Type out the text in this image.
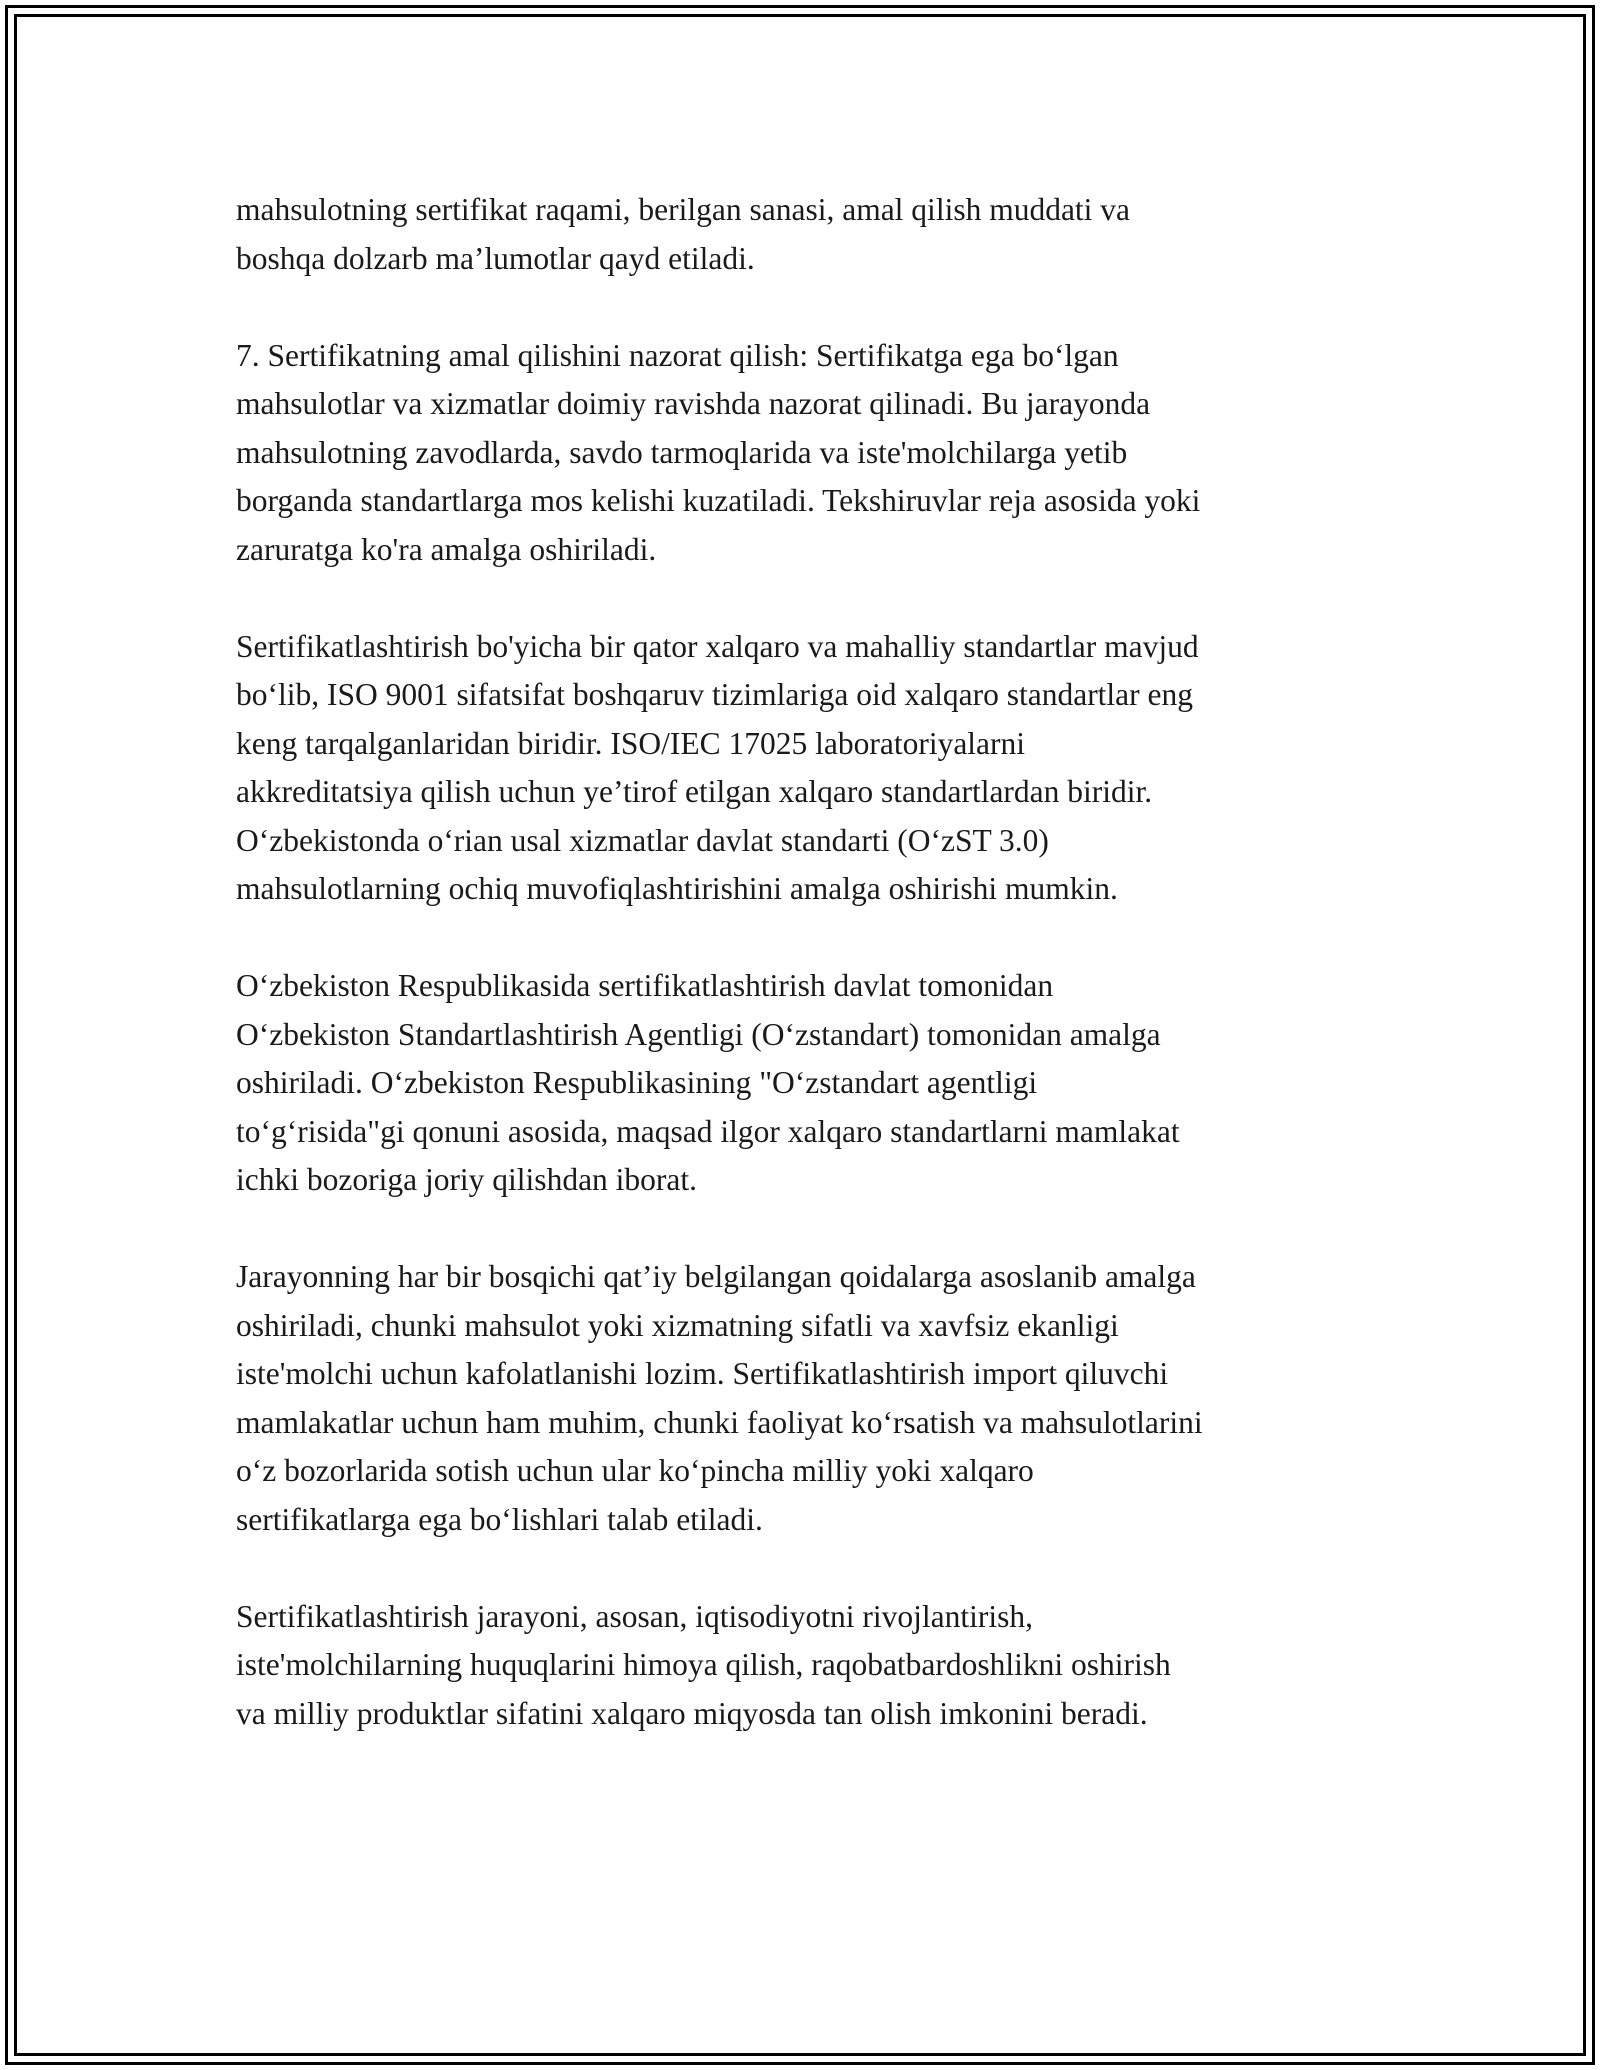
mahsulotning sertifikat raqami, berilgan sanasi, amal qilish muddati va
boshqa dolzarb ma’lumotlar qayd etiladi.

7. Sertifikatning amal qilishini nazorat qilish: Sertifikatga ega boʻlgan
mahsulotlar va xizmatlar doimiy ravishda nazorat qilinadi. Bu jarayonda
mahsulotning zavodlarda, savdo tarmoqlarida va iste'molchilarga yetib
borganda standartlarga mos kelishi kuzatiladi. Tekshiruvlar reja asosida yoki
zaruratga ko'ra amalga oshiriladi.

Sertifikatlashtirish bo'yicha bir qator xalqaro va mahalliy standartlar mavjud
boʻlib, ISO 9001 sifatsifat boshqaruv tizimlariga oid xalqaro standartlar eng
keng tarqalganlaridan biridir. ISO/IEC 17025 laboratoriyalarni
akkreditatsiya qilish uchun ye’tirof etilgan xalqaro standartlardan biridir.
Oʻzbekistonda oʻrian usal xizmatlar davlat standarti (OʻzST 3.0)
mahsulotlarning ochiq muvofiqlashtirishini amalga oshirishi mumkin.

Oʻzbekiston Respublikasida sertifikatlashtirish davlat tomonidan
Oʻzbekiston Standartlashtirish Agentligi (Oʻzstandart) tomonidan amalga
oshiriladi. Oʻzbekiston Respublikasining "Oʻzstandart agentligi
toʻgʻrisida"gi qonuni asosida, maqsad ilgor xalqaro standartlarni mamlakat
ichki bozoriga joriy qilishdan iborat.

Jarayonning har bir bosqichi qat’iy belgilangan qoidalarga asoslanib amalga
oshiriladi, chunki mahsulot yoki xizmatning sifatli va xavfsiz ekanligi
iste'molchi uchun kafolatlanishi lozim. Sertifikatlashtirish import qiluvchi
mamlakatlar uchun ham muhim, chunki faoliyat koʻrsatish va mahsulotlarini
oʻz bozorlarida sotish uchun ular koʻpincha milliy yoki xalqaro
sertifikatlarga ega boʻlishlari talab etiladi.

Sertifikatlashtirish jarayoni, asosan, iqtisodiyotni rivojlantirish,
iste'molchilarning huquqlarini himoya qilish, raqobatbardoshlikni oshirish
va milliy produktlar sifatini xalqaro miqyosda tan olish imkonini beradi.
